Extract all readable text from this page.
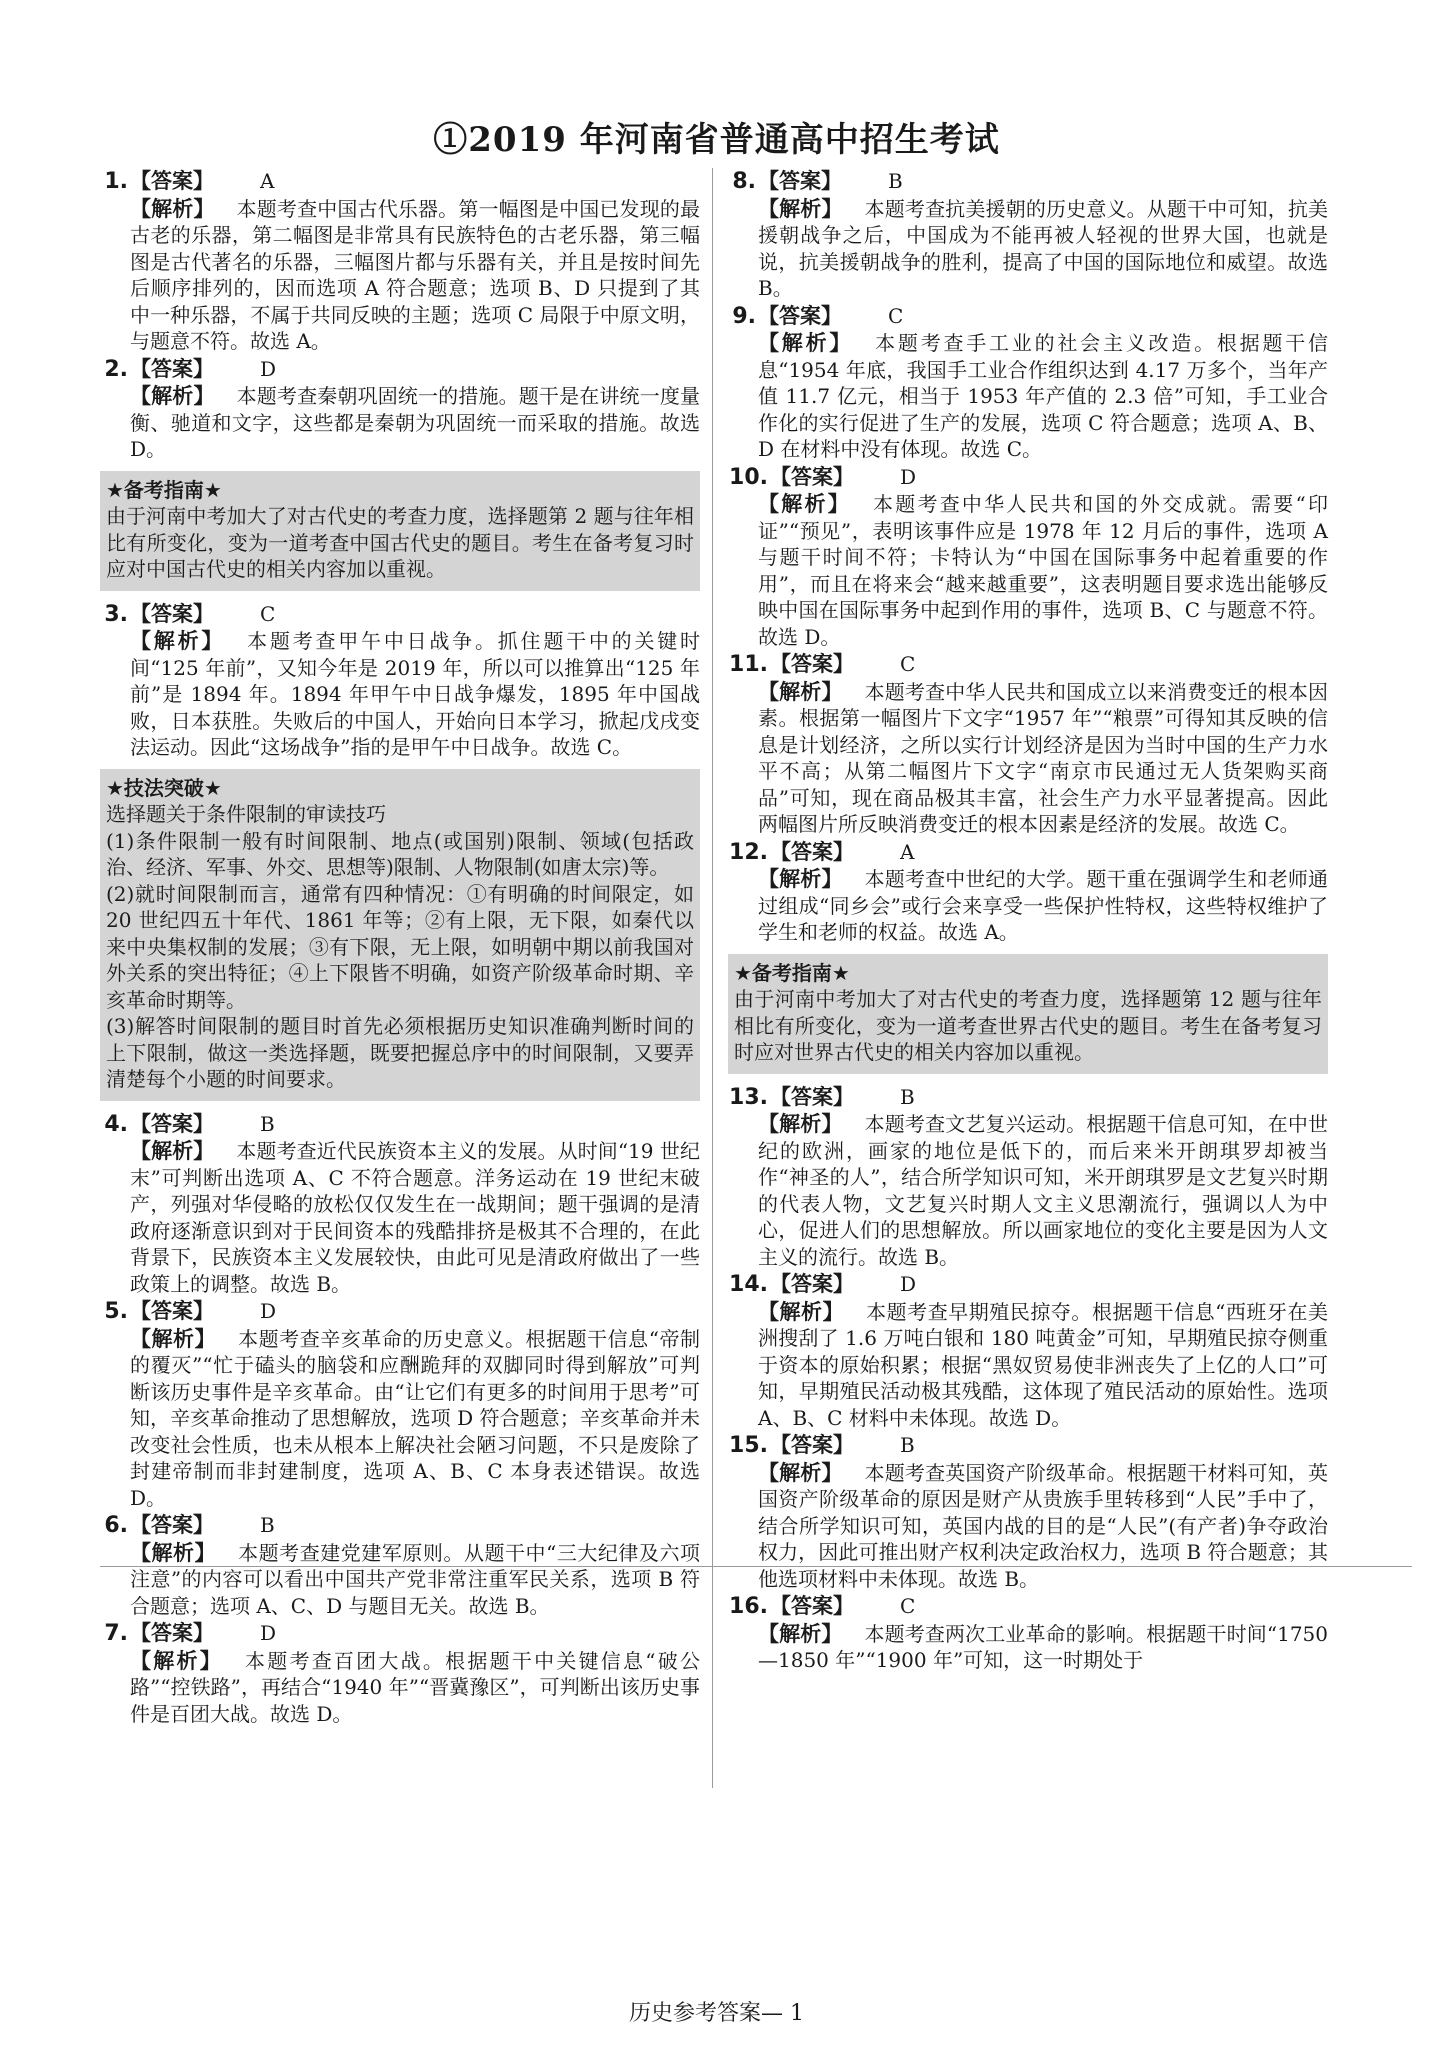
①2019 年河南省普通高中招生考试
1. 【答案】 A
【解析】 本题考查中国古代乐器。第一幅图是中国已发现的最古老的乐器，第二幅图是非常具有民族特色的古老乐器，第三幅图是古代著名的乐器，三幅图片都与乐器有关，并且是按时间先后顺序排列的，因而选项 A 符合题意；选项 B、D 只提到了其中一种乐器，不属于共同反映的主题；选项 C 局限于中原文明，与题意不符。故选 A。
2. 【答案】 D
【解析】 本题考查秦朝巩固统一的措施。题干是在讲统一度量衡、驰道和文字，这些都是秦朝为巩固统一而采取的措施。故选 D。
★备考指南★
由于河南中考加大了对古代史的考查力度，选择题第 2 题与往年相比有所变化，变为一道考查中国古代史的题目。考生在备考复习时应对中国古代史的相关内容加以重视。
3. 【答案】 C
【解析】 本题考查甲午中日战争。抓住题干中的关键时间“125 年前”，又知今年是 2019 年，所以可以推算出“125 年前”是 1894 年。1894 年甲午中日战争爆发，1895 年中国战败，日本获胜。失败后的中国人，开始向日本学习，掀起戊戌变法运动。因此“这场战争”指的是甲午中日战争。故选 C。
★技法突破★
选择题关于条件限制的审读技巧
(1)条件限制一般有时间限制、地点(或国别)限制、领域(包括政治、经济、军事、外交、思想等)限制、人物限制(如唐太宗)等。
(2)就时间限制而言，通常有四种情况：①有明确的时间限定，如 20 世纪四五十年代、1861 年等；②有上限，无下限，如秦代以来中央集权制的发展；③有下限，无上限，如明朝中期以前我国对外关系的突出特征；④上下限皆不明确，如资产阶级革命时期、辛亥革命时期等。
(3)解答时间限制的题目时首先必须根据历史知识准确判断时间的上下限制，做这一类选择题，既要把握总序中的时间限制，又要弄清楚每个小题的时间要求。
4. 【答案】 B
【解析】 本题考查近代民族资本主义的发展。从时间“19 世纪末”可判断出选项 A、C 不符合题意。洋务运动在 19 世纪末破产，列强对华侵略的放松仅仅发生在一战期间；题干强调的是清政府逐渐意识到对于民间资本的残酷排挤是极其不合理的，在此背景下，民族资本主义发展较快，由此可见是清政府做出了一些政策上的调整。故选 B。
5. 【答案】 D
【解析】 本题考查辛亥革命的历史意义。根据题干信息“帝制的覆灭”“忙于磕头的脑袋和应酬跪拜的双脚同时得到解放”可判断该历史事件是辛亥革命。由“让它们有更多的时间用于思考”可知，辛亥革命推动了思想解放，选项 D 符合题意；辛亥革命并未改变社会性质，也未从根本上解决社会陋习问题，不只是废除了封建帝制而非封建制度，选项 A、B、C 本身表述错误。故选 D。
6. 【答案】 B
【解析】 本题考查建党建军原则。从题干中“三大纪律及六项注意”的内容可以看出中国共产党非常注重军民关系，选项 B 符合题意；选项 A、C、D 与题目无关。故选 B。
7. 【答案】 D
【解析】 本题考查百团大战。根据题干中关键信息“破公路”“控铁路”，再结合“1940 年”“晋冀豫区”，可判断出该历史事件是百团大战。故选 D。
8. 【答案】 B
【解析】 本题考查抗美援朝的历史意义。从题干中可知，抗美援朝战争之后，中国成为不能再被人轻视的世界大国，也就是说，抗美援朝战争的胜利，提高了中国的国际地位和威望。故选 B。
9. 【答案】 C
【解析】 本题考查手工业的社会主义改造。根据题干信息“1954 年底，我国手工业合作组织达到 4.17 万多个，当年产值 11.7 亿元，相当于 1953 年产值的 2.3 倍”可知，手工业合作化的实行促进了生产的发展，选项 C 符合题意；选项 A、B、D 在材料中没有体现。故选 C。
10. 【答案】 D
【解析】 本题考查中华人民共和国的外交成就。需要“印证”“预见”，表明该事件应是 1978 年 12 月后的事件，选项 A 与题干时间不符；卡特认为“中国在国际事务中起着重要的作用”，而且在将来会“越来越重要”，这表明题目要求选出能够反映中国在国际事务中起到作用的事件，选项 B、C 与题意不符。故选 D。
11. 【答案】 C
【解析】 本题考查中华人民共和国成立以来消费变迁的根本因素。根据第一幅图片下文字“1957 年”“粮票”可得知其反映的信息是计划经济，之所以实行计划经济是因为当时中国的生产力水平不高；从第二幅图片下文字“南京市民通过无人货架购买商品”可知，现在商品极其丰富，社会生产力水平显著提高。因此两幅图片所反映消费变迁的根本因素是经济的发展。故选 C。
12. 【答案】 A
【解析】 本题考查中世纪的大学。题干重在强调学生和老师通过组成“同乡会”或行会来享受一些保护性特权，这些特权维护了学生和老师的权益。故选 A。
★备考指南★
由于河南中考加大了对古代史的考查力度，选择题第 12 题与往年相比有所变化，变为一道考查世界古代史的题目。考生在备考复习时应对世界古代史的相关内容加以重视。
13. 【答案】 B
【解析】 本题考查文艺复兴运动。根据题干信息可知，在中世纪的欧洲，画家的地位是低下的，而后来米开朗琪罗却被当作“神圣的人”，结合所学知识可知，米开朗琪罗是文艺复兴时期的代表人物，文艺复兴时期人文主义思潮流行，强调以人为中心，促进人们的思想解放。所以画家地位的变化主要是因为人文主义的流行。故选 B。
14. 【答案】 D
【解析】 本题考查早期殖民掠夺。根据题干信息“西班牙在美洲搜刮了 1.6 万吨白银和 180 吨黄金”可知，早期殖民掠夺侧重于资本的原始积累；根据“黑奴贸易使非洲丧失了上亿的人口”可知，早期殖民活动极其残酷，这体现了殖民活动的原始性。选项 A、B、C 材料中未体现。故选 D。
15. 【答案】 B
【解析】 本题考查英国资产阶级革命。根据题干材料可知，英国资产阶级革命的原因是财产从贵族手里转移到“人民”手中了，结合所学知识可知，英国内战的目的是“人民”(有产者)争夺政治权力，因此可推出财产权利决定政治权力，选项 B 符合题意；其他选项材料中未体现。故选 B。
16. 【答案】 C
【解析】 本题考查两次工业革命的影响。根据题干时间“1750—1850 年”“1900 年”可知，这一时期处于
历史参考答案— 1
